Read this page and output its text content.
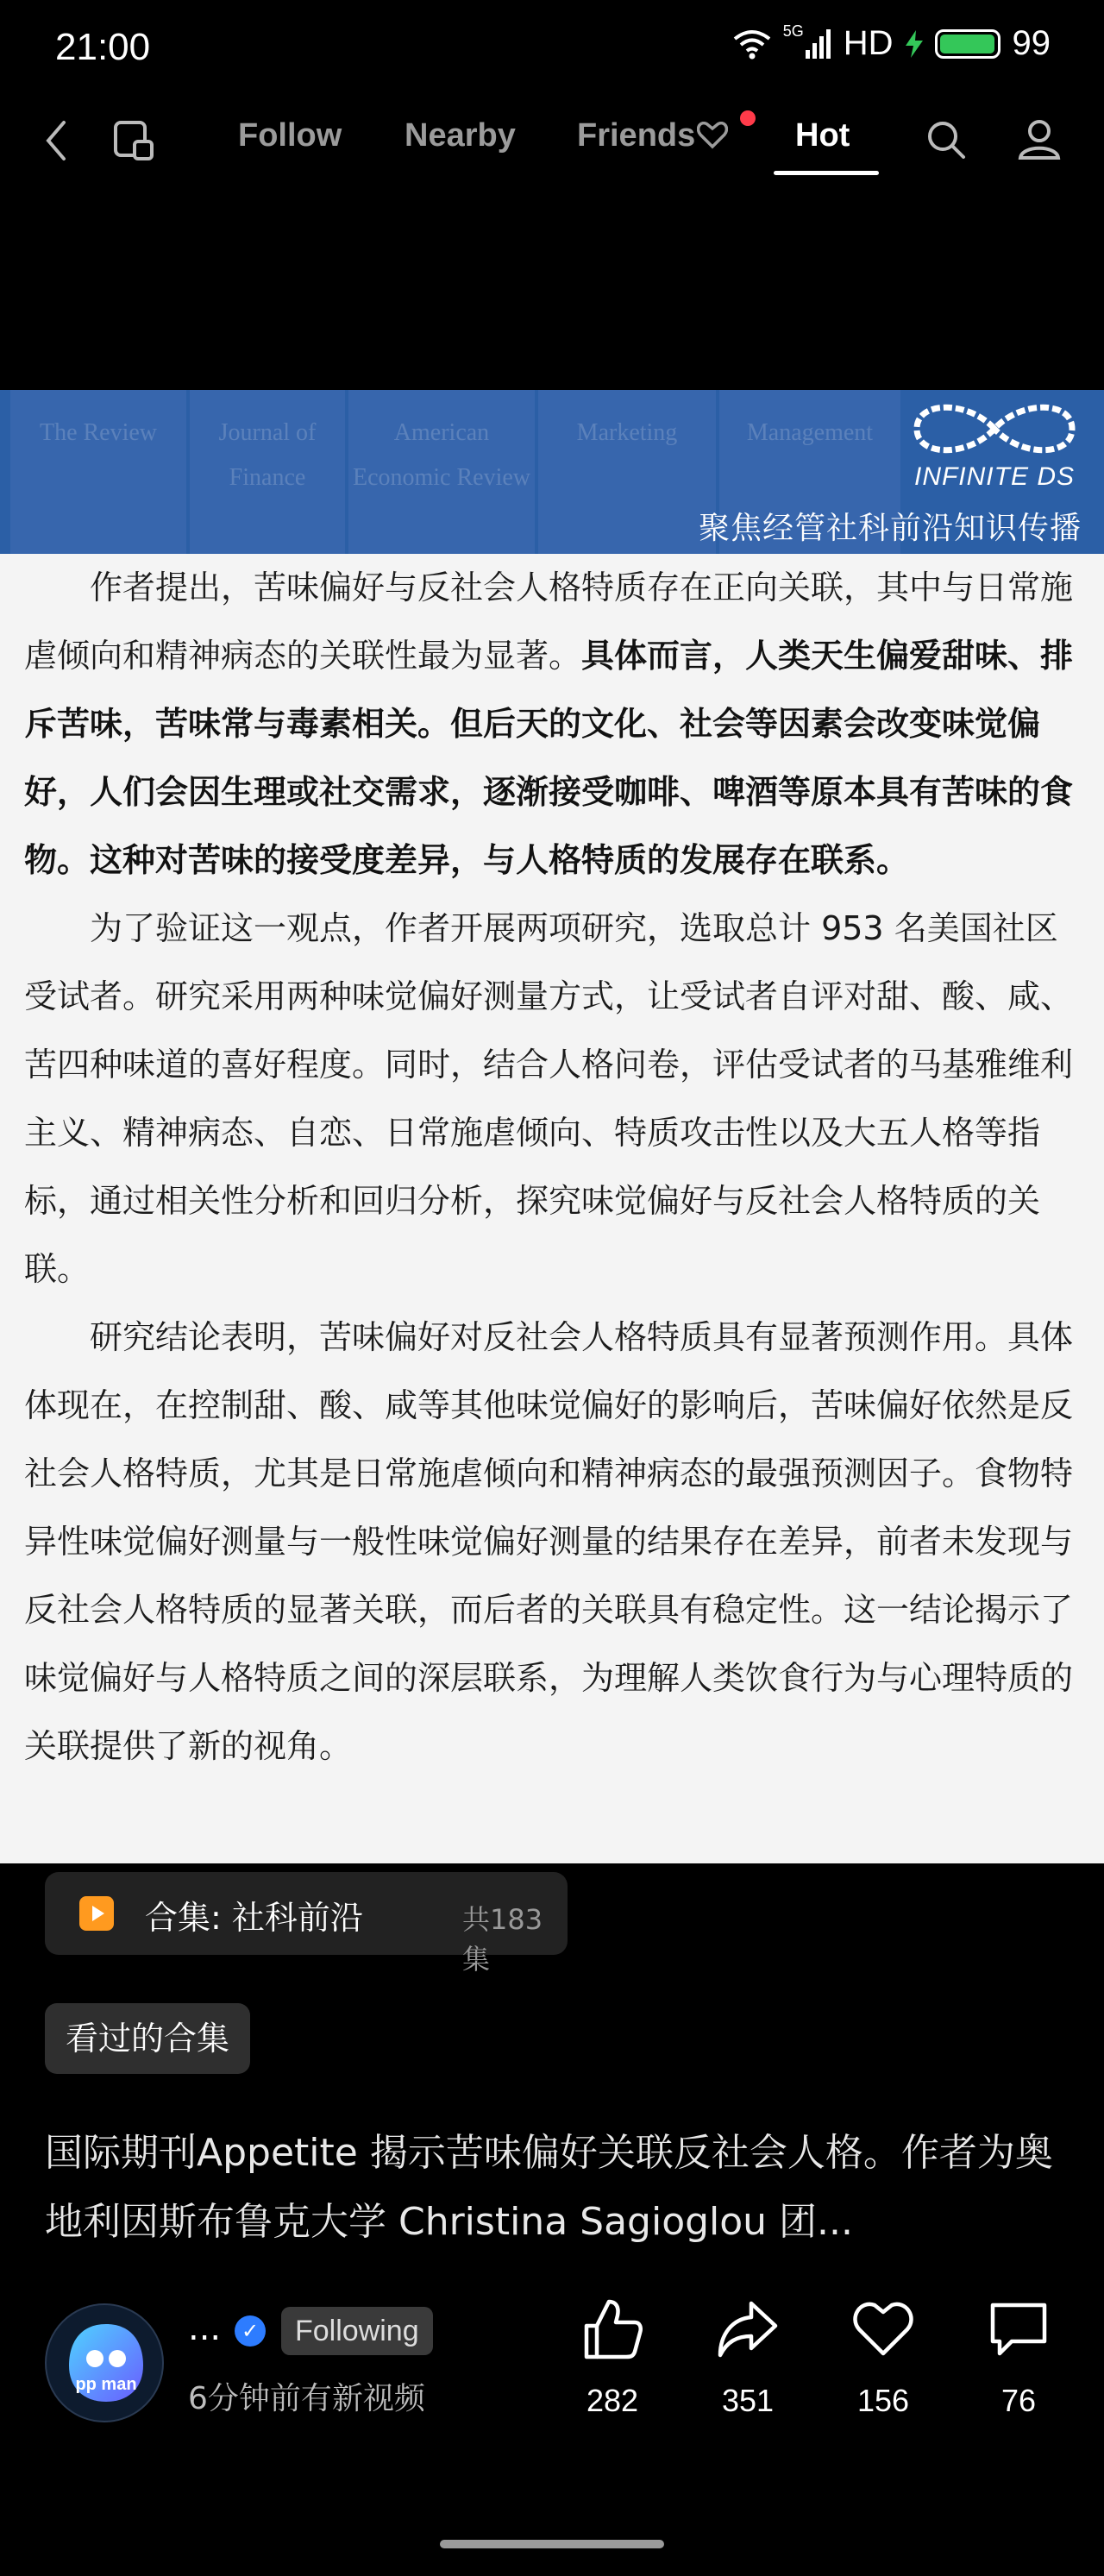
21:00	5G HD	99
Follow Nearby Friends	Hot
The Review	Journal of Finance
American Economic Review
Marketing	Management
INFINITE DS
聚焦经管社科前沿知识传播

作者提出，苦味偏好与反社会人格特质存在正向关联，其中与日常施虐倾向和精神病态的关联性最为显著。具体而言，人类天生偏爱甜味、排斥苦味，苦味常与毒素相关。但后天的文化、社会等因素会改变味觉偏好，人们会因生理或社交需求，逐渐接受咖啡、啤酒等原本具有苦味的食物。这种对苦味的接受度差异，与人格特质的发展存在联系。

为了验证这一观点，作者开展两项研究，选取总计 953 名美国社区受试者。研究采用两种味觉偏好测量方式，让受试者自评对甜、酸、咸、苦四种味道的喜好程度。同时，结合人格问卷，评估受试者的马基雅维利主义、精神病态、自恋、日常施虐倾向、特质攻击性以及大五人格等指标，通过相关性分析和回归分析，探究味觉偏好与反社会人格特质的关联。

研究结论表明，苦味偏好对反社会人格特质具有显著预测作用。具体体现在，在控制甜、酸、咸等其他味觉偏好的影响后，苦味偏好依然是反社会人格特质，尤其是日常施虐倾向和精神病态的最强预测因子。食物特异性味觉偏好测量与一般性味觉偏好测量的结果存在差异，前者未发现与反社会人格特质的显著关联，而后者的关联具有稳定性。这一结论揭示了味觉偏好与人格特质之间的深层联系，为理解人类饮食行为与心理特质的关联提供了新的视角。

合集: 社科前沿	共183集
看过的合集
国际期刊Appetite 揭示苦味偏好关联反社会人格。作者为奥地利因斯布鲁克大学 Christina Sagioglou 团...
pp man
... ✓	Following
6分钟前有新视频	282	351	156	76
